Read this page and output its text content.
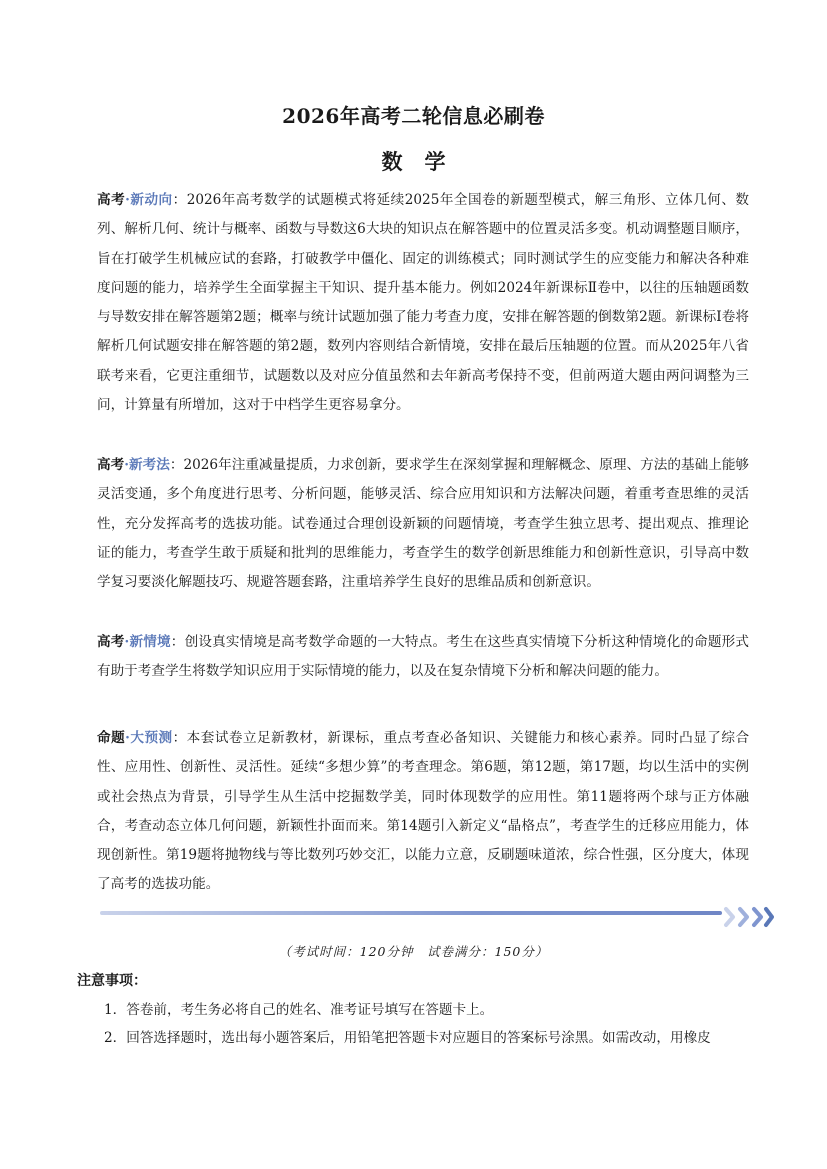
2026年高考二轮信息必刷卷
数学
高考·新动向：2026年高考数学的试题模式将延续2025年全国卷的新题型模式，解三角形、立体几何、数列、解析几何、统计与概率、函数与导数这6大块的知识点在解答题中的位置灵活多变。机动调整题目顺序，旨在打破学生机械应试的套路，打破教学中僵化、固定的训练模式；同时测试学生的应变能力和解决各种难度问题的能力，培养学生全面掌握主干知识、提升基本能力。例如2024年新课标Ⅱ卷中，以往的压轴题函数与导数安排在解答题第2题；概率与统计试题加强了能力考查力度，安排在解答题的倒数第2题。新课标Ⅰ卷将解析几何试题安排在解答题的第2题，数列内容则结合新情境，安排在最后压轴题的位置。而从2025年八省联考来看，它更注重细节，试题数以及对应分值虽然和去年新高考保持不变，但前两道大题由两问调整为三问，计算量有所增加，这对于中档学生更容易拿分。
高考·新考法：2026年注重减量提质，力求创新，要求学生在深刻掌握和理解概念、原理、方法的基础上能够灵活变通，多个角度进行思考、分析问题，能够灵活、综合应用知识和方法解决问题，着重考查思维的灵活性，充分发挥高考的选拔功能。试卷通过合理创设新颖的问题情境，考查学生独立思考、提出观点、推理论证的能力，考查学生敢于质疑和批判的思维能力，考查学生的数学创新思维能力和创新性意识，引导高中数学复习要淡化解题技巧、规避答题套路，注重培养学生良好的思维品质和创新意识。
高考·新情境：创设真实情境是高考数学命题的一大特点。考生在这些真实情境下分析这种情境化的命题形式有助于考查学生将数学知识应用于实际情境的能力，以及在复杂情境下分析和解决问题的能力。
命题·大预测：本套试卷立足新教材，新课标，重点考查必备知识、关键能力和核心素养。同时凸显了综合性、应用性、创新性、灵活性。延续“多想少算”的考查理念。第6题，第12题，第17题，均以生活中的实例或社会热点为背景，引导学生从生活中挖掘数学美，同时体现数学的应用性。第11题将两个球与正方体融合，考查动态立体几何问题，新颖性扑面而来。第14题引入新定义“晶格点”，考查学生的迁移应用能力，体现创新性。第19题将抛物线与等比数列巧妙交汇，以能力立意，反刷题味道浓，综合性强，区分度大，体现了高考的选拔功能。
（考试时间：120分钟　试卷满分：150分）
注意事项：
1．答卷前，考生务必将自己的姓名、准考证号填写在答题卡上。
2．回答选择题时，选出每小题答案后，用铅笔把答题卡对应题目的答案标号涂黑。如需改动，用橡皮
